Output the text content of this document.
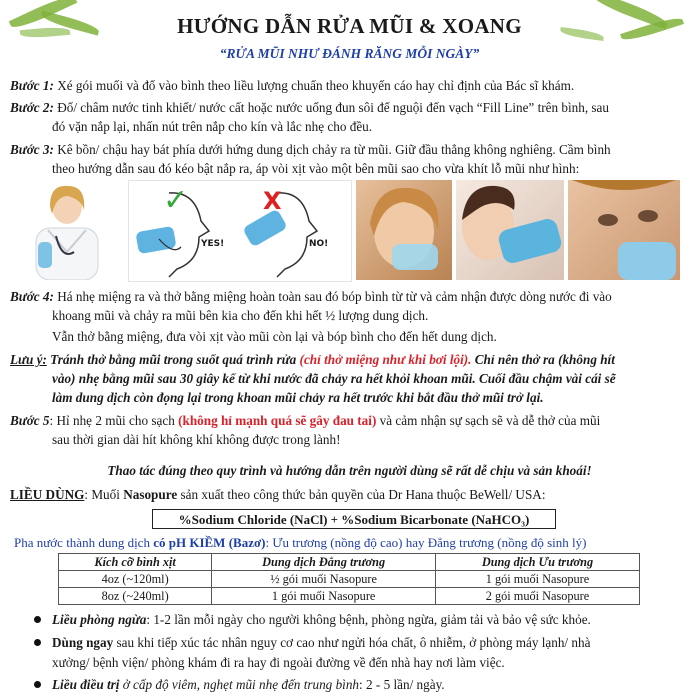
HƯỚNG DẪN RỬA MŨI & XOANG
“RỬA MŨI NHƯ ĐÁNH RĂNG MỖI NGÀY”
Bước 1: Xé gói muối và đổ vào bình theo liều lượng chuẩn theo khuyến cáo hay chỉ định của Bác sĩ khám.
Bước 2: Đổ/ châm nước tinh khiết/ nước cất hoặc nước uống đun sôi để nguội đến vạch “Fill Line” trên bình, sau
đó vặn nắp lại, nhấn nút trên nắp cho kín và lắc nhẹ cho đều.
Bước 3: Kê bồn/ chậu hay bát phía dưới hứng dung dịch chảy ra từ mũi. Giữ đầu thẳng không nghiêng. Cầm bình
theo hướng dẫn sau đó kéo bật nắp ra, áp vòi xịt vào một bên mũi sao cho vừa khít lỗ mũi như hình:
✓	X
YES!	NO!
Bước 4: Há nhẹ miệng ra và thở bằng miệng hoàn toàn sau đó bóp bình từ từ và cảm nhận được dòng nước đi vào
khoang mũi và chảy ra mũi bên kia cho đến khi hết ½ lượng dung dịch.
Vẫn thở bằng miệng, đưa vòi xịt vào mũi còn lại và bóp bình cho đến hết dung dịch.
Lưu ý: Tránh thở bằng mũi trong suốt quá trình rửa (chỉ thở miệng như khi bơi lội). Chỉ nên thở ra (không hít
vào) nhẹ bằng mũi sau 30 giây kể từ khi nước đã chảy ra hết khỏi khoan mũi. Cuối đầu chậm vài cái sẽ
làm dung dịch còn đọng lại trong khoan mũi chảy ra hết trước khi bắt đầu thở mũi trở lại.
Bước 5: Hỉ nhẹ 2 mũi cho sạch (không hỉ mạnh quá sẽ gây đau tai) và cảm nhận sự sạch sẽ và dễ thở của mũi
sau thời gian dài hít không khí không được trong lành!
Thao tác đúng theo quy trình và hướng dẫn trên người dùng sẽ rất dễ chịu và sản khoái!
LIỀU DÙNG: Muối Nasopure sản xuất theo công thức bản quyền của Dr Hana thuộc BeWell/ USA:
%Sodium Chloride (NaCl) + %Sodium Bicarbonate (NaHCO₃)
Pha nước thành dung dịch có pH KIỀM (Bazơ): Ưu trương (nồng độ cao) hay Đẳng trương (nồng độ sinh lý)
Kích cỡ bình xịt	Dung dịch Đẳng trương	Dung dịch Ưu trương
4oz (~120ml)	½ gói muối Nasopure	1 gói muối Nasopure
8oz (~240ml)	1 gói muối Nasopure	2 gói muối Nasopure
Liều phòng ngừa: 1-2 lần mỗi ngày cho người không bệnh, phòng ngừa, giảm tải và bảo vệ sức khỏe.
Dùng ngay sau khi tiếp xúc tác nhân nguy cơ cao như ngửi hóa chất, ô nhiễm, ở phòng máy lạnh/ nhà
xưởng/ bệnh viện/ phòng khám đi ra hay đi ngoài đường về đến nhà hay nơi làm việc.
Liều điều trị ở cấp độ viêm, nghẹt mũi nhẹ đến trung bình: 2 - 5 lần/ ngày.
